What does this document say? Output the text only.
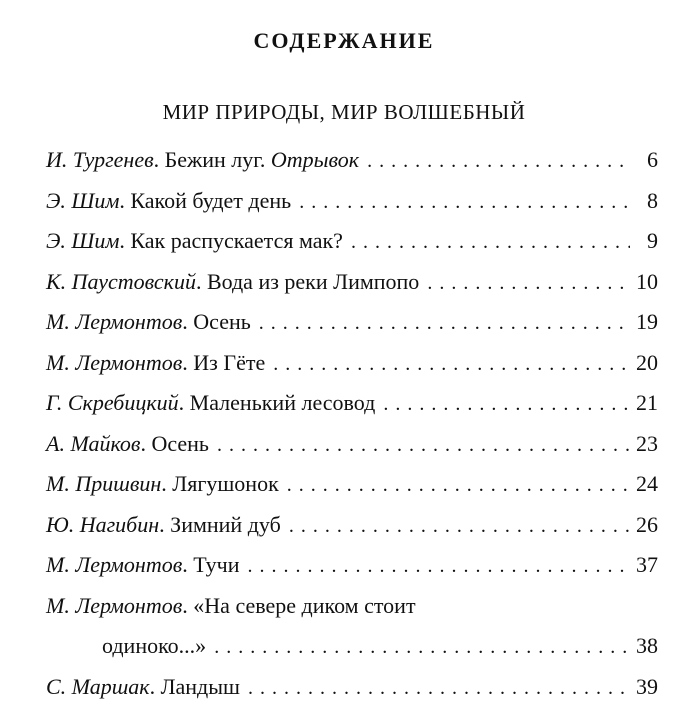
СОДЕРЖАНИЕ
МИР ПРИРОДЫ, МИР ВОЛШЕБНЫЙ
И. Тургенев. Бежин луг. Отрывок . . .	6
Э. Шим. Какой будет день . . .	8
Э. Шим. Как распускается мак? . . .	9
К. Паустовский. Вода из реки Лимпопо . . .	10
М. Лермонтов. Осень . . .	19
М. Лермонтов. Из Гёте . . .	20
Г. Скребицкий. Маленький лесовод . . .	21
А. Майков. Осень . . .	23
М. Пришвин. Лягушонок . . .	24
Ю. Нагибин. Зимний дуб . . .	26
М. Лермонтов. Тучи . . .	37
М. Лермонтов. «На севере диком стоит
одиноко...» . . .	38
С. Маршак. Ландыш . . .	39
